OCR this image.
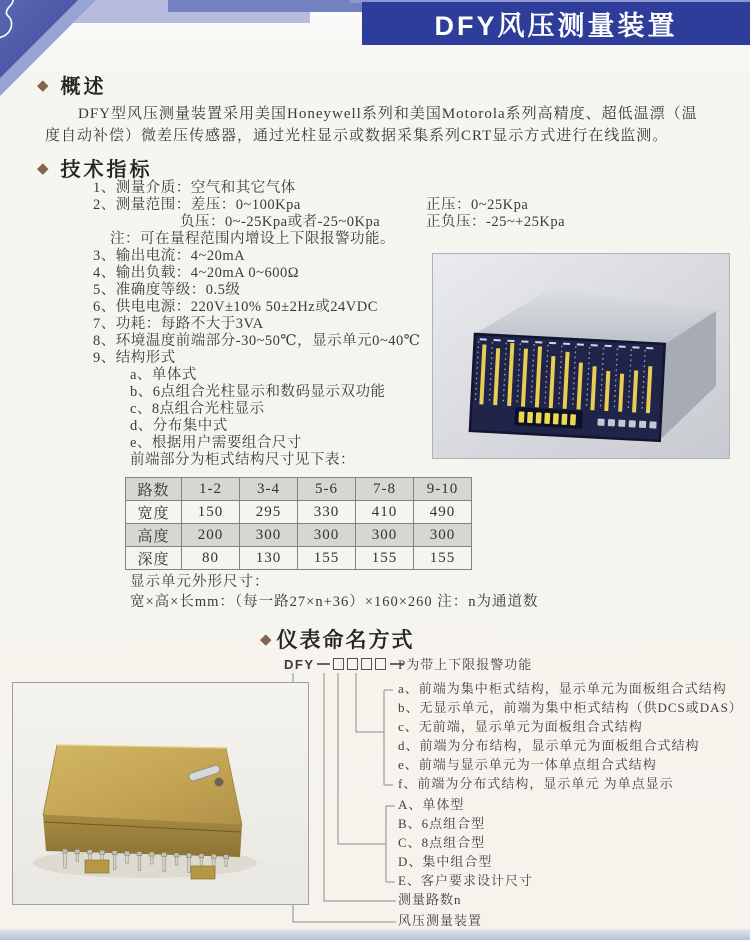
DFY风压测量装置
◆ 概述
DFY型风压测量装置采用美国Honeywell系列和美国Motorola系列高精度、超低温漂（温度自动补偿）微差压传感器，通过光柱显示或数据采集系列CRT显示方式进行在线监测。
◆ 技术指标
1、测量介质：空气和其它气体
2、测量范围：差压：0~100Kpa	正压：0~25Kpa
负压：0~-25Kpa或者-25~0Kpa	正负压：-25~+25Kpa
注：可在量程范围内增设上下限报警功能。
3、输出电流：4~20mA
4、输出负载：4~20mA 0~600Ω
5、准确度等级：0.5级
6、供电电源：220V±10% 50±2Hz或24VDC
7、功耗：每路不大于3VA
8、环境温度前端部分-30~50℃，显示单元0~40℃
9、结构形式
a、单体式
b、6点组合光柱显示和数码显示双功能
c、8点组合光柱显示
d、分布集中式
e、根据用户需要组合尺寸
前端部分为柜式结构尺寸见下表：
路数	1-2	3-4	5-6	7-8	9-10
宽度	150	295	330	410	490
高度	200	300	300	300	300
深度	80	130	155	155	155
显示单元外形尺寸：
宽×高×长mm：（每一路27×n+36）×160×260 注：n为通道数
◆ 仪表命名方式
DFY	P为带上下限报警功能
a、前端为集中柜式结构，显示单元为面板组合式结构
b、无显示单元，前端为集中柜式结构（供DCS或DAS）
c、无前端，显示单元为面板组合式结构
d、前端为分布结构，显示单元为面板组合式结构
e、前端与显示单元为一体单点组合式结构
f、前端为分布式结构，显示单元 为单点显示
A、单体型
B、6点组合型
C、8点组合型
D、集中组合型
E、客户要求设计尺寸
测量路数n
风压测量装置
